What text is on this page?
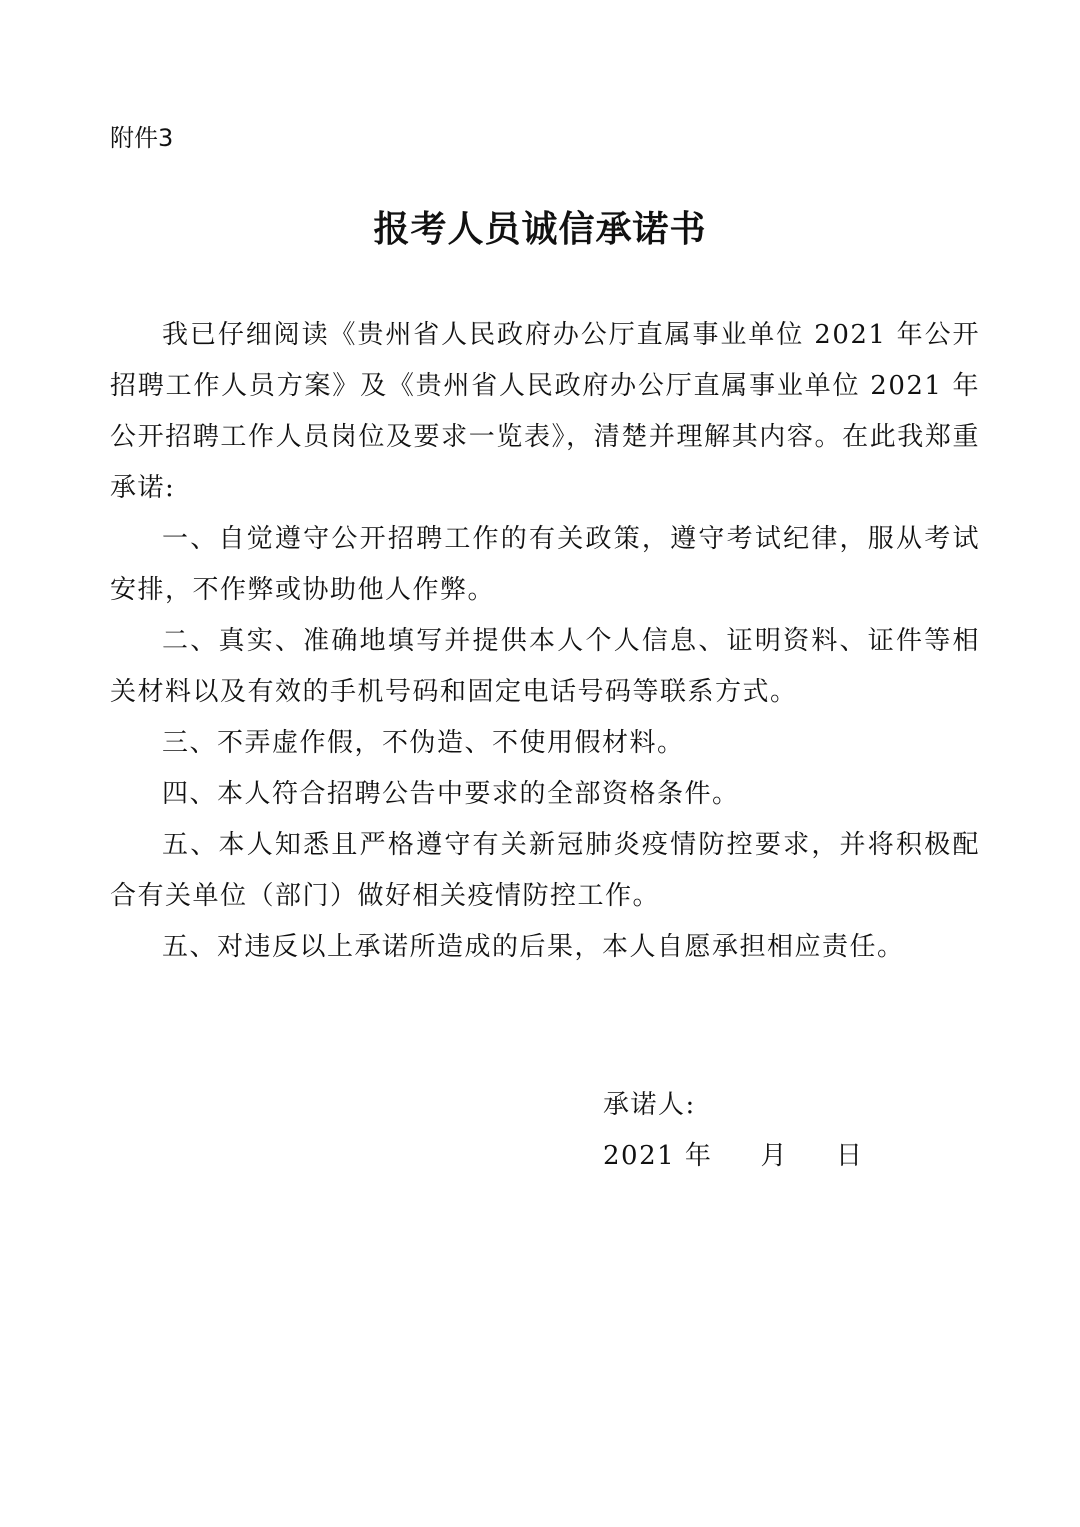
附件3
报考人员诚信承诺书

我已仔细阅读《贵州省人民政府办公厅直属事业单位 2021 年公开招聘工作人员方案》及《贵州省人民政府办公厅直属事业单位 2021 年公开招聘工作人员岗位及要求一览表》，清楚并理解其内容。在此我郑重承诺:

一、自觉遵守公开招聘工作的有关政策，遵守考试纪律，服从考试安排，不作弊或协助他人作弊。

二、真实、准确地填写并提供本人个人信息、证明资料、证件等相关材料以及有效的手机号码和固定电话号码等联系方式。

三、不弄虚作假，不伪造、不使用假材料。

四、本人符合招聘公告中要求的全部资格条件。

五、本人知悉且严格遵守有关新冠肺炎疫情防控要求，并将积极配合有关单位（部门）做好相关疫情防控工作。

五、对违反以上承诺所造成的后果，本人自愿承担相应责任。

承诺人:
2021 年 月 日
